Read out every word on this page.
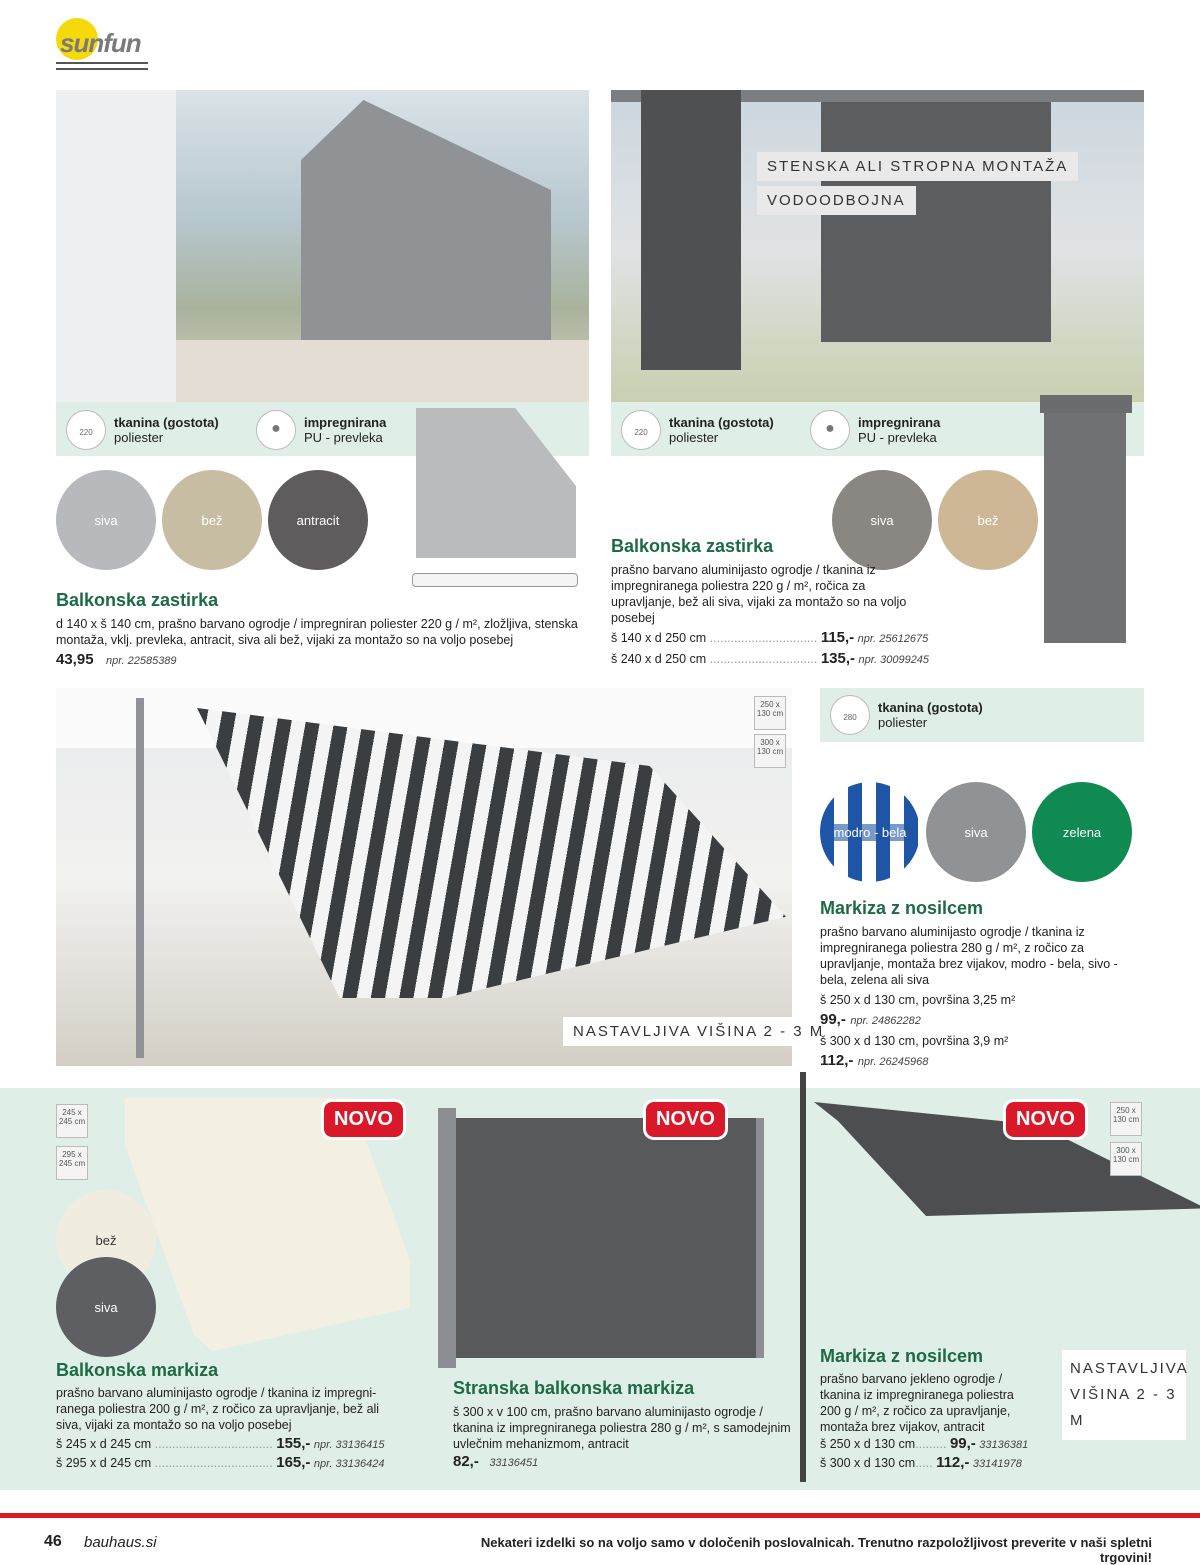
sunfun
220
tkanina (gostota)
poliester
●	impregnirana
PU - prevleka
siva	bež	antracit
Balkonska zastirka
d 140 x š 140 cm, prašno barvano ogrodje / impregniran poliester 220 g / m², zložljiva, stenska montaža, vklj. prevleka, antracit, siva ali bež, vijaki za montažo so na voljo posebej
43,95 npr. 22585389
STENSKA ALI STROPNA MONTAŽA
VODOODBOJNA
220
tkanina (gostota)
poliester
●	impregnirana
PU - prevleka
siva	bež
Balkonska zastirka
prašno barvano aluminijasto ogrodje / tkanina iz impregniranega poliestra 220 g / m², ročica za upravljanje, bež ali siva, vijaki za montažo so na voljo posebej
š 140 x d 250 cm ............................... 115,- npr. 25612675
š 240 x d 250 cm ............................... 135,- npr. 30099245
250 x 130 cm
300 x 130 cm
NASTAVLJIVA VIŠINA 2 - 3 M
280
tkanina (gostota)
poliester
modro - bela	siva	zelena
Markiza z nosilcem
prašno barvano aluminijasto ogrodje / tkanina iz impregniranega poliestra 280 g / m², z ročico za upravljanje, montaža brez vijakov, modro - bela, sivo - bela, zelena ali siva
š 250 x d 130 cm, površina 3,25 m²
99,- npr. 24862282
š 300 x d 130 cm, površina 3,9 m²
112,- npr. 26245968
245 x 245 cm
295 x 245 cm
NOVO
bež
siva
Balkonska markiza
prašno barvano aluminijasto ogrodje / tkanina iz impregni-ranega poliestra 200 g / m², z ročico za upravljanje, bež ali siva, vijaki za montažo so na voljo posebej
š 245 x d 245 cm .................................. 155,- npr. 33136415
š 295 x d 245 cm .................................. 165,- npr. 33136424
NOVO
Stranska balkonska markiza
š 300 x v 100 cm, prašno barvano aluminijasto ogrodje / tkanina iz impregniranega poliestra 280 g / m², s samodejnim uvlečnim mehanizmom, antracit
82,- 33136451
NOVO	250 x 130 cm
300 x 130 cm
NASTAVLJIVA VIŠINA 2 - 3 M
Markiza z nosilcem
prašno barvano jekleno ogrodje / tkanina iz impregniranega poliestra 200 g / m², z ročico za upravljanje, montaža brez vijakov, antracit
š 250 x d 130 cm......... 99,- 33136381
š 300 x d 130 cm..... 112,- 33141978
46 bauhaus.si	Nekateri izdelki so na voljo samo v določenih poslovalnicah. Trenutno razpoložljivost preverite v naši spletni trgovini!
